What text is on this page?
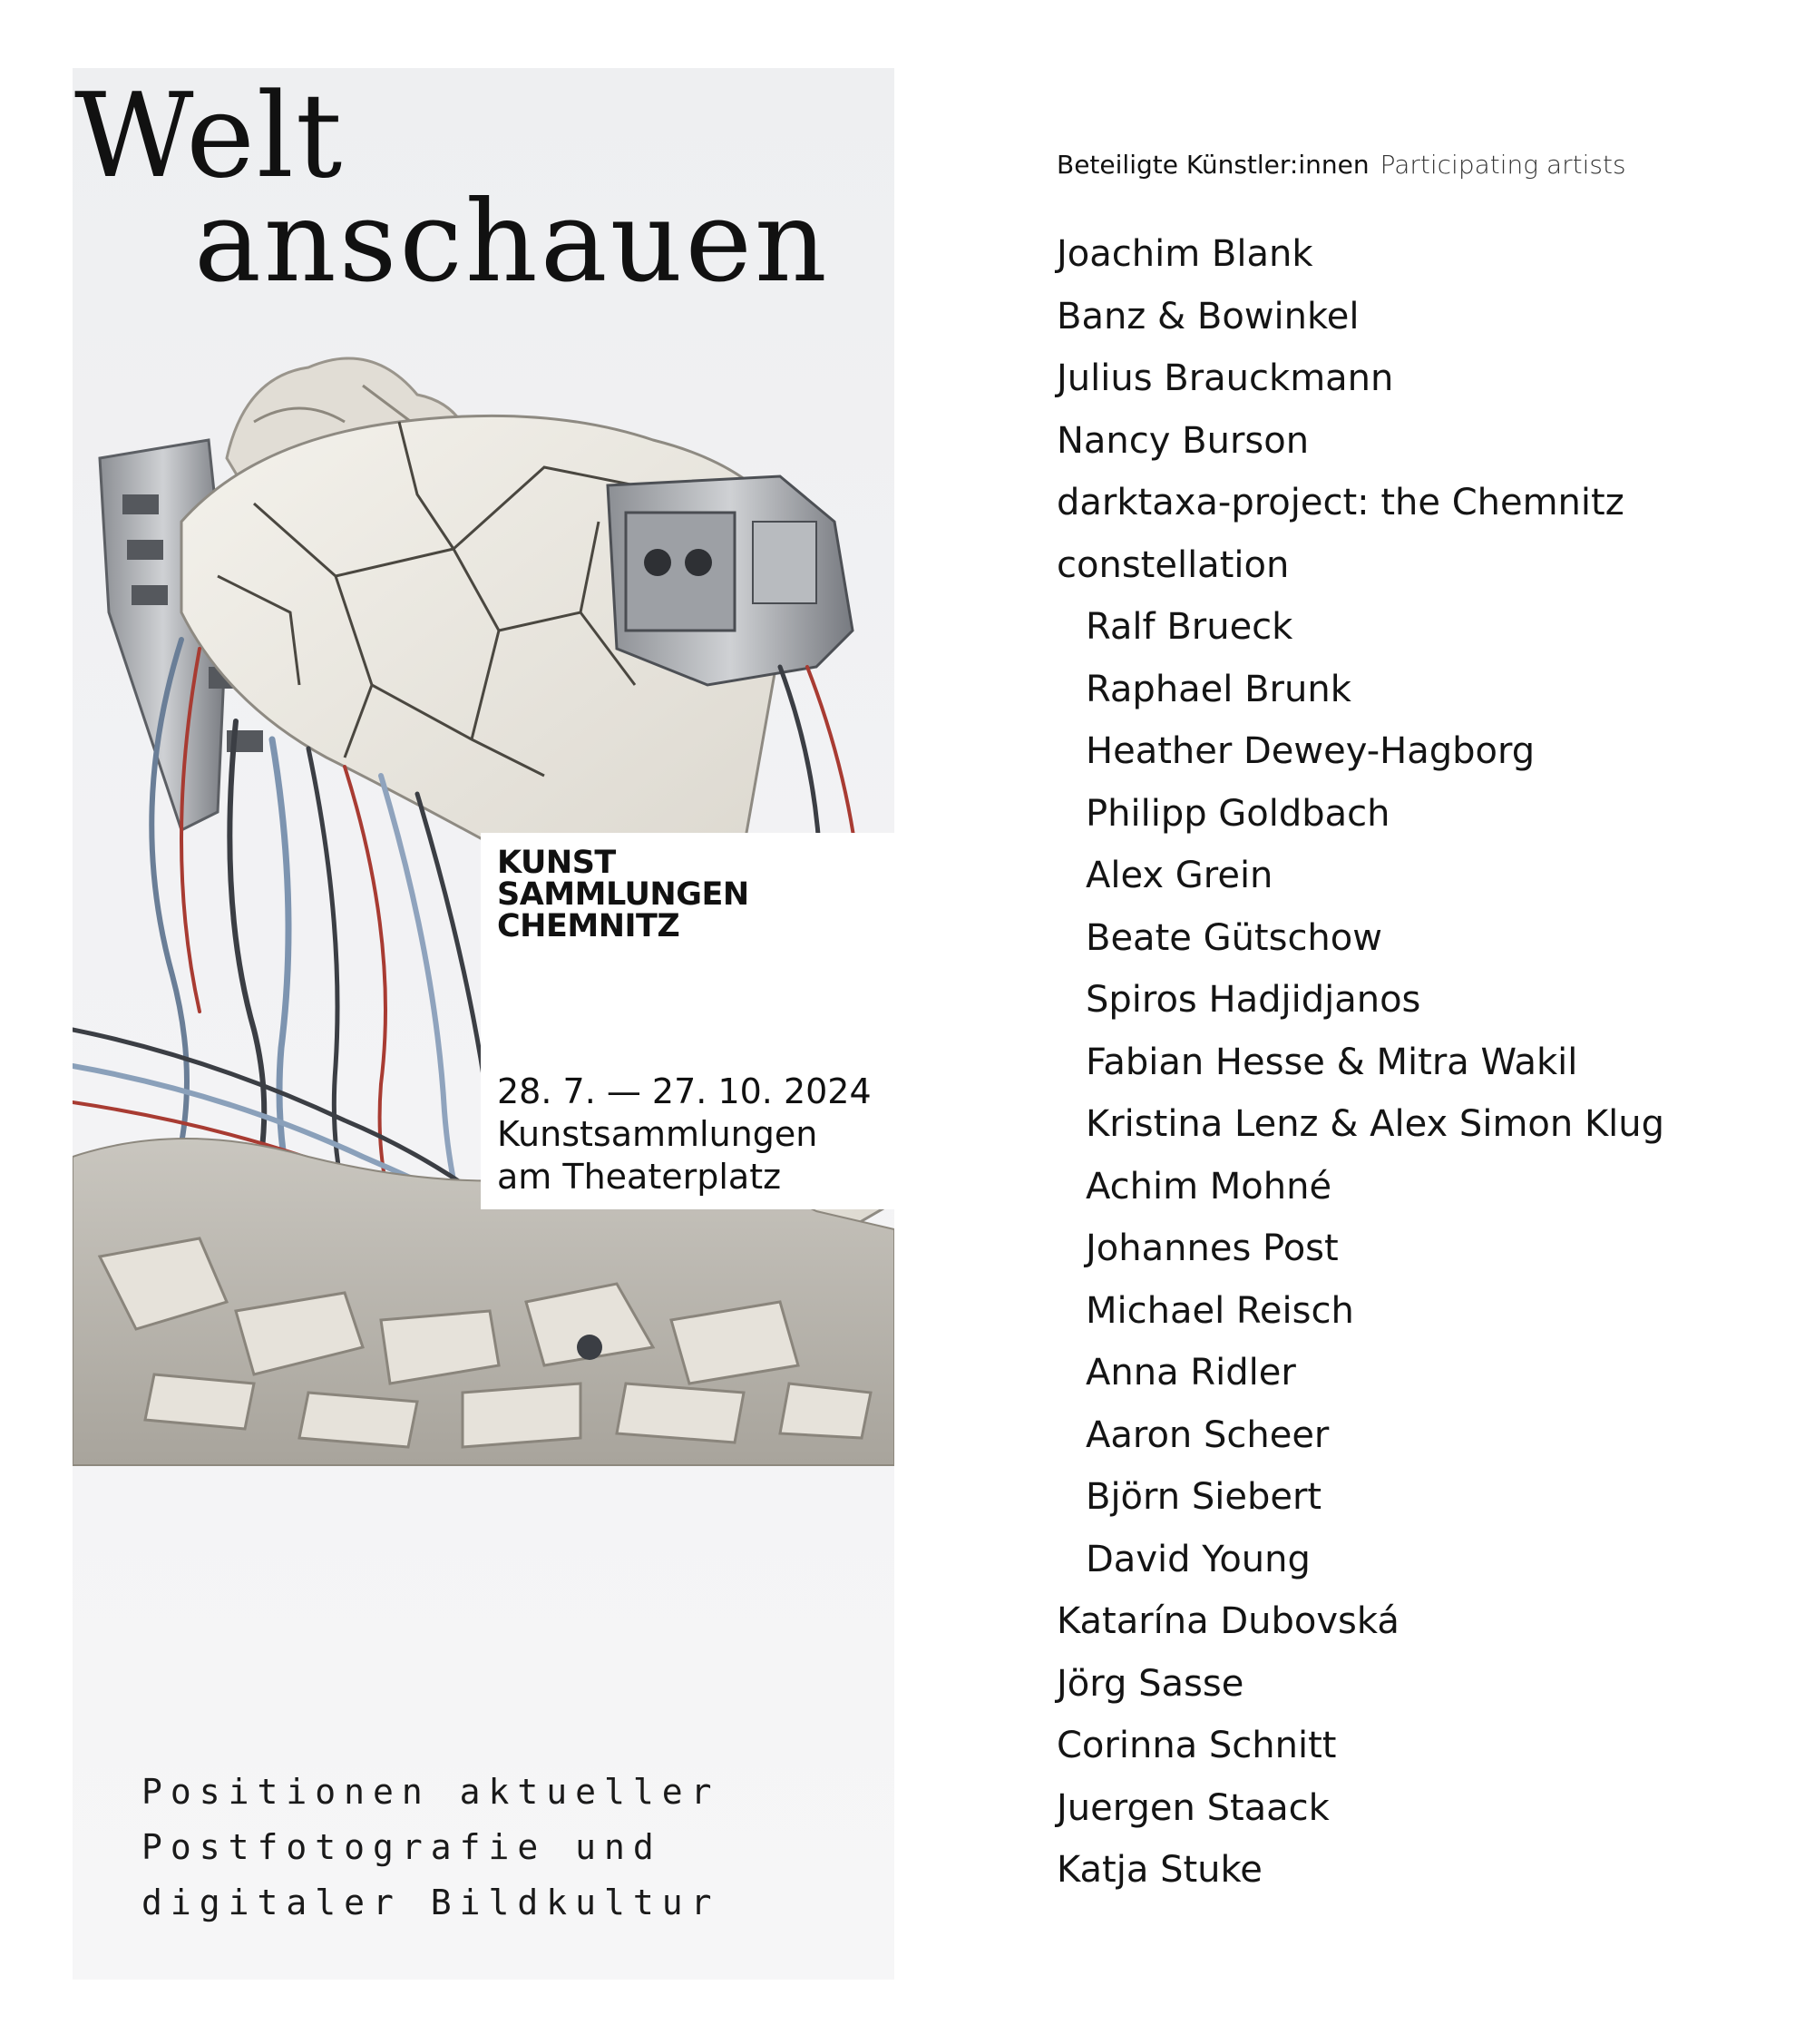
Welt
anschauen

KUNST
SAMMLUNGEN
CHEMNITZ

28. 7. — 27. 10. 2024
Kunstsammlungen
am Theaterplatz
Positionen aktueller
Postfotografie und
digitaler Bildkultur
Beteiligte Künstler:innen Participating artists
Joachim Blank
Banz & Bowinkel
Julius Brauckmann
Nancy Burson
darktaxa-project: the Chemnitz
constellation
Ralf Brueck
Raphael Brunk
Heather Dewey-Hagborg
Philipp Goldbach
Alex Grein
Beate Gütschow
Spiros Hadjidjanos
Fabian Hesse & Mitra Wakil
Kristina Lenz & Alex Simon Klug
Achim Mohné
Johannes Post
Michael Reisch
Anna Ridler
Aaron Scheer
Björn Siebert
David Young
Katarína Dubovská
Jörg Sasse
Corinna Schnitt
Juergen Staack
Katja Stuke
